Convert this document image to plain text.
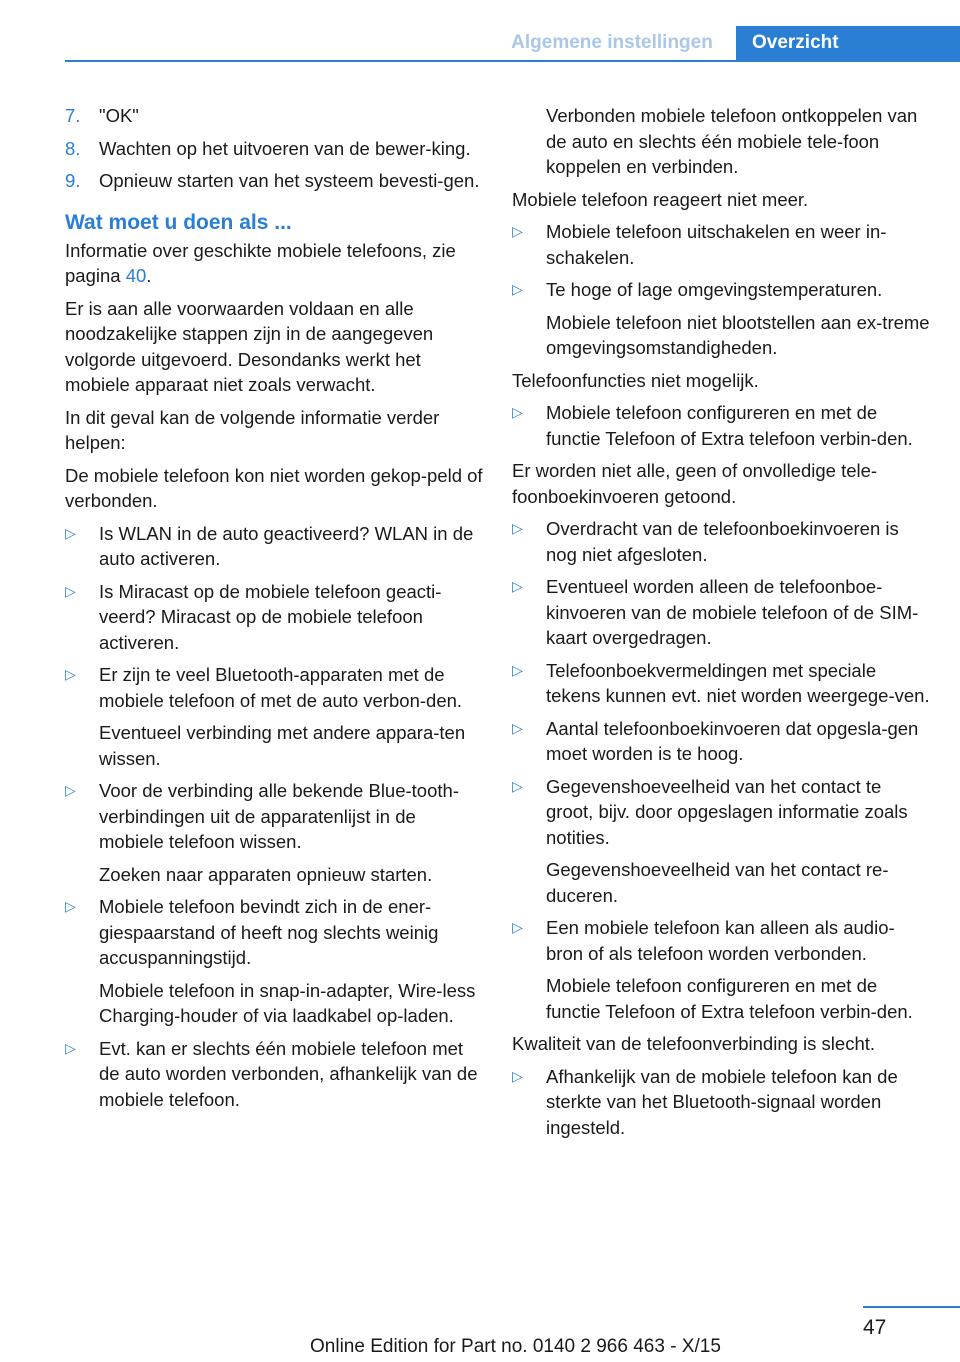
Algemene instellingen	Overzicht
7. "OK"
8. Wachten op het uitvoeren van de bewer-king.
9. Opnieuw starten van het systeem bevesti-gen.
Wat moet u doen als ...
Informatie over geschikte mobiele telefoons, zie pagina 40.
Er is aan alle voorwaarden voldaan en alle noodzakelijke stappen zijn in de aangegeven volgorde uitgevoerd. Desondanks werkt het mobiele apparaat niet zoals verwacht.
In dit geval kan de volgende informatie verder helpen:
De mobiele telefoon kon niet worden gekop-peld of verbonden.
▷ Is WLAN in de auto geactiveerd? WLAN in de auto activeren.
▷ Is Miracast op de mobiele telefoon geacti-veerd? Miracast op de mobiele telefoon activeren.
▷ Er zijn te veel Bluetooth-apparaten met de mobiele telefoon of met de auto verbon-den.
Eventueel verbinding met andere appara-ten wissen.
▷ Voor de verbinding alle bekende Blue-tooth-verbindingen uit de apparatenlijst in de mobiele telefoon wissen.
Zoeken naar apparaten opnieuw starten.
▷ Mobiele telefoon bevindt zich in de ener-giespaarstand of heeft nog slechts weinig accuspanningstijd.
Mobiele telefoon in snap-in-adapter, Wire-less Charging-houder of via laadkabel op-laden.
▷ Evt. kan er slechts één mobiele telefoon met de auto worden verbonden, afhankelijk van de mobiele telefoon.
Verbonden mobiele telefoon ontkoppelen van de auto en slechts één mobiele tele-foon koppelen en verbinden.
Mobiele telefoon reageert niet meer.
▷ Mobiele telefoon uitschakelen en weer in-schakelen.
▷ Te hoge of lage omgevingstemperaturen.
Mobiele telefoon niet blootstellen aan ex-treme omgevingsomstandigheden.
Telefoonfuncties niet mogelijk.
▷ Mobiele telefoon configureren en met de functie Telefoon of Extra telefoon verbin-den.
Er worden niet alle, geen of onvolledige tele-foonboekinvoeren getoond.
▷ Overdracht van de telefoonboekinvoeren is nog niet afgesloten.
▷ Eventueel worden alleen de telefoonboe-kinvoeren van de mobiele telefoon of de SIM-kaart overgedragen.
▷ Telefoonboekvermeldingen met speciale tekens kunnen evt. niet worden weergege-ven.
▷ Aantal telefoonboekinvoeren dat opgesla-gen moet worden is te hoog.
▷ Gegevenshoeveelheid van het contact te groot, bijv. door opgeslagen informatie zoals notities.
Gegevenshoeveelheid van het contact re-duceren.
▷ Een mobiele telefoon kan alleen als audio-bron of als telefoon worden verbonden.
Mobiele telefoon configureren en met de functie Telefoon of Extra telefoon verbin-den.
Kwaliteit van de telefoonverbinding is slecht.
▷ Afhankelijk van de mobiele telefoon kan de sterkte van het Bluetooth-signaal worden ingesteld.
47
Online Edition for Part no. 0140 2 966 463 - X/15
